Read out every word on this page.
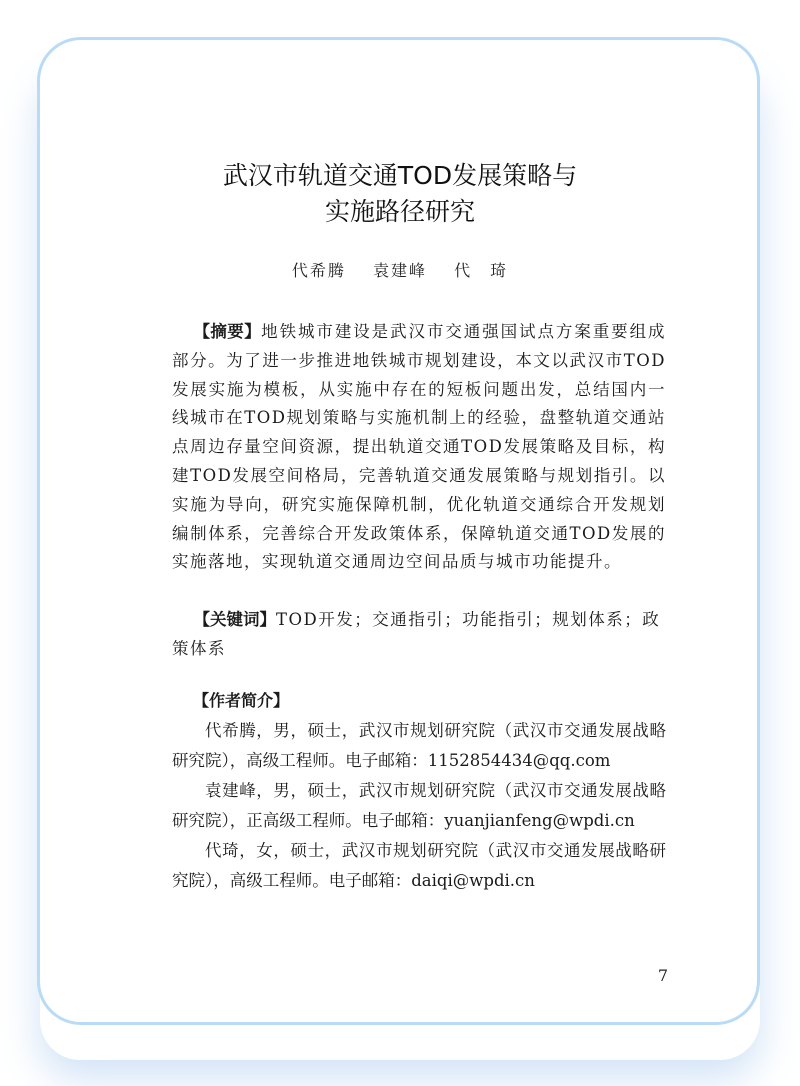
武汉市轨道交通TOD发展策略与
实施路径研究
代希腾 袁建峰 代　琦
【摘要】地铁城市建设是武汉市交通强国试点方案重要组成部分。为了进一步推进地铁城市规划建设，本文以武汉市TOD发展实施为模板，从实施中存在的短板问题出发，总结国内一线城市在TOD规划策略与实施机制上的经验，盘整轨道交通站点周边存量空间资源，提出轨道交通TOD发展策略及目标，构建TOD发展空间格局，完善轨道交通发展策略与规划指引。以实施为导向，研究实施保障机制，优化轨道交通综合开发规划编制体系，完善综合开发政策体系，保障轨道交通TOD发展的实施落地，实现轨道交通周边空间品质与城市功能提升。
【关键词】TOD开发；交通指引；功能指引；规划体系；政策体系
【作者简介】

代希腾，男，硕士，武汉市规划研究院（武汉市交通发展战略研究院），高级工程师。电子邮箱：1152854434@qq.com

袁建峰，男，硕士，武汉市规划研究院（武汉市交通发展战略研究院），正高级工程师。电子邮箱：yuanjianfeng@wpdi.cn

代琦，女，硕士，武汉市规划研究院（武汉市交通发展战略研究院），高级工程师。电子邮箱：daiqi@wpdi.cn

7
